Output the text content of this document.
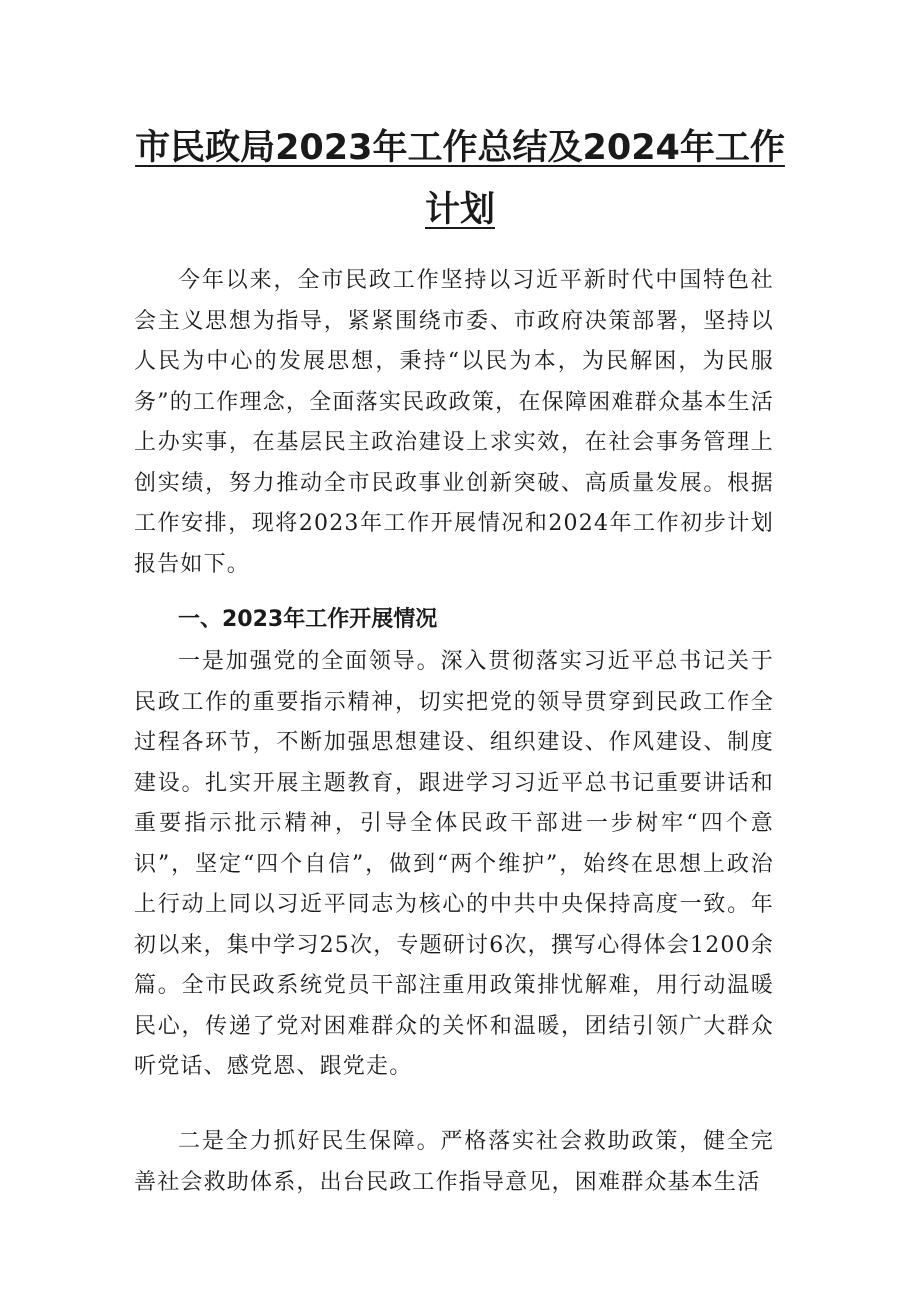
市民政局2023年工作总结及2024年工作
计划

今年以来，全市民政工作坚持以习近平新时代中国特色社会主义思想为指导，紧紧围绕市委、市政府决策部署，坚持以人民为中心的发展思想，秉持“以民为本，为民解困，为民服务”的工作理念，全面落实民政政策，在保障困难群众基本生活上办实事，在基层民主政治建设上求实效，在社会事务管理上创实绩，努力推动全市民政事业创新突破、高质量发展。根据工作安排，现将2023年工作开展情况和2024年工作初步计划报告如下。

一、2023年工作开展情况

一是加强党的全面领导。深入贯彻落实习近平总书记关于民政工作的重要指示精神，切实把党的领导贯穿到民政工作全过程各环节，不断加强思想建设、组织建设、作风建设、制度建设。扎实开展主题教育，跟进学习习近平总书记重要讲话和重要指示批示精神，引导全体民政干部进一步树牢“四个意识”，坚定“四个自信”，做到“两个维护”，始终在思想上政治上行动上同以习近平同志为核心的中共中央保持高度一致。年初以来，集中学习25次，专题研讨6次，撰写心得体会1200余篇。全市民政系统党员干部注重用政策排忧解难，用行动温暖民心，传递了党对困难群众的关怀和温暖，团结引领广大群众听党话、感党恩、跟党走。

二是全力抓好民生保障。严格落实社会救助政策，健全完善社会救助体系，出台民政工作指导意见，困难群众基本生活
